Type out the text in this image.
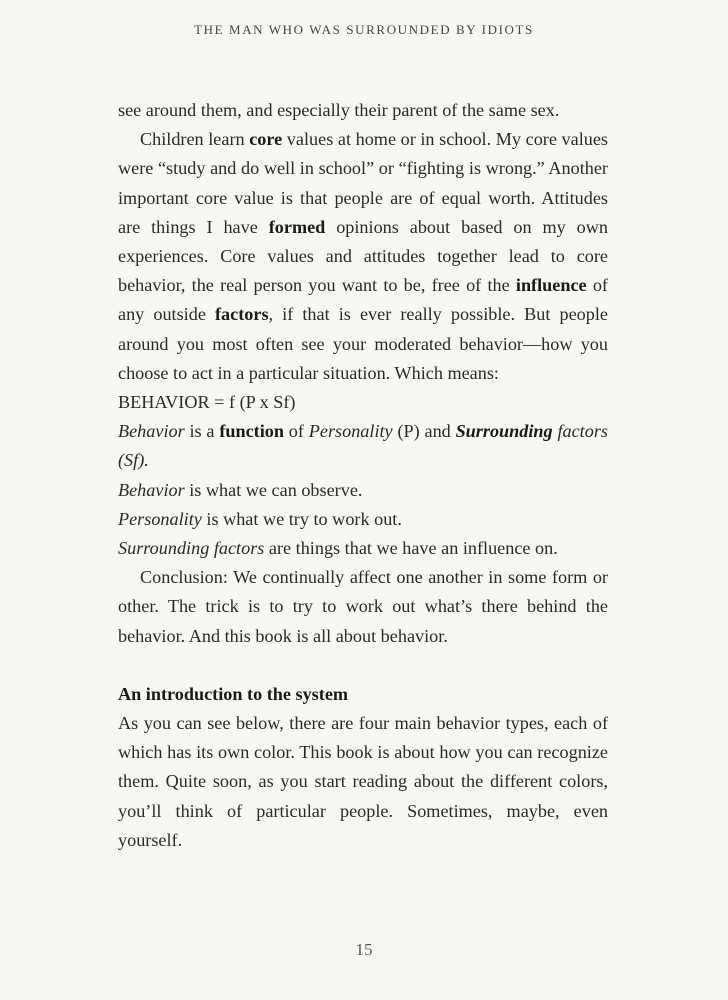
THE MAN WHO WAS SURROUNDED BY IDIOTS

see around them, and especially their parent of the same sex.

Children learn core values at home or in school. My core values were “study and do well in school” or “fighting is wrong.” Another important core value is that people are of equal worth. Attitudes are things I have formed opinions about based on my own experiences. Core values and attitudes together lead to core behavior, the real person you want to be, free of the influence of any outside factors, if that is ever really possible. But people around you most often see your moderated behavior—how you choose to act in a particular situation. Which means:

BEHAVIOR = f (P x Sf)

Behavior is a function of Personality (P) and Surrounding factors (Sf).

Behavior is what we can observe.

Personality is what we try to work out.

Surrounding factors are things that we have an influence on.

Conclusion: We continually affect one another in some form or other. The trick is to try to work out what’s there behind the behavior. And this book is all about behavior.

An introduction to the system

As you can see below, there are four main behavior types, each of which has its own color. This book is about how you can recognize them. Quite soon, as you start reading about the different colors, you’ll think of particular people. Sometimes, maybe, even yourself.

15
